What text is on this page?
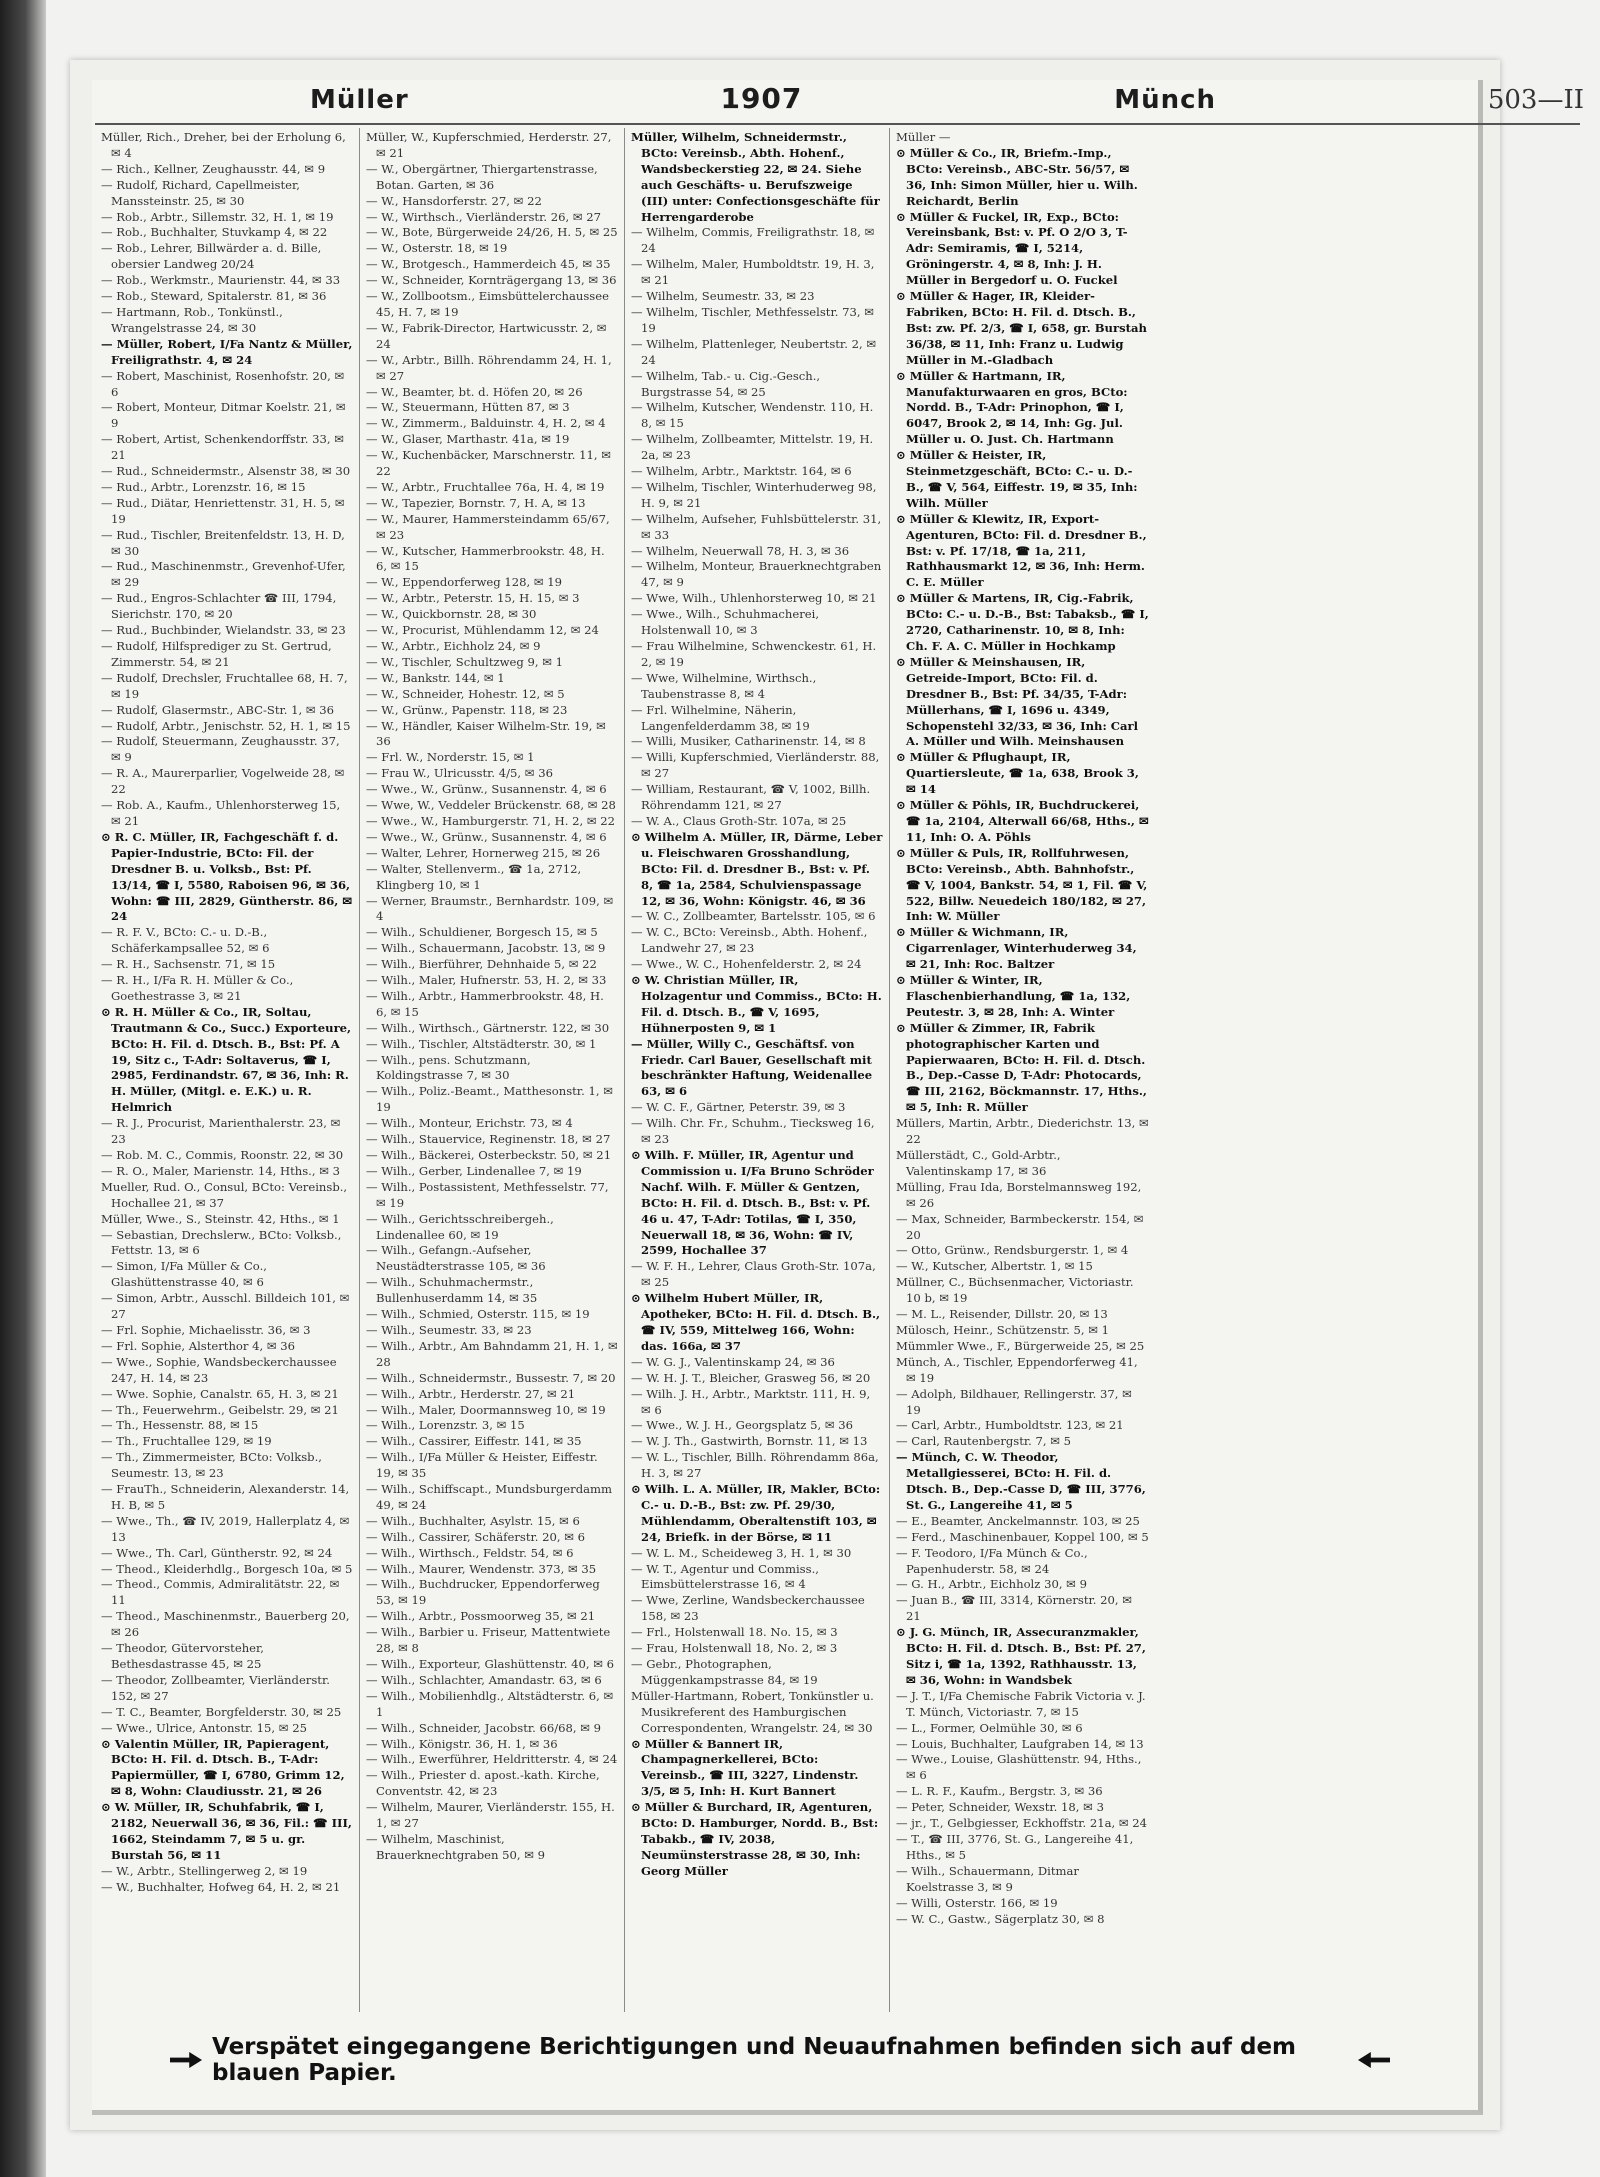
Müller	1907	Münch	503—II
Müller, Rich., Dreher, bei der Erholung 6, ✉ 4
— Rich., Kellner, Zeughausstr. 44, ✉ 9
— Rudolf, Richard, Capellmeister, Manssteinstr. 25, ✉ 30
— Rob., Arbtr., Sillemstr. 32, H. 1, ✉ 19
— Rob., Buchhalter, Stuvkamp 4, ✉ 22
— Rob., Lehrer, Billwärder a. d. Bille, obersier Landweg 20/24
— Rob., Werkmstr., Maurienstr. 44, ✉ 33
— Rob., Steward, Spitalerstr. 81, ✉ 36
— Hartmann, Rob., Tonkünstl., Wrangelstrasse 24, ✉ 30
— Müller, Robert, I/Fa Nantz & Müller, Freiligrathstr. 4, ✉ 24
— Robert, Maschinist, Rosenhofstr. 20, ✉ 6
— Robert, Monteur, Ditmar Koelstr. 21, ✉ 9
— Robert, Artist, Schenkendorffstr. 33, ✉ 21
— Rud., Schneidermstr., Alsenstr 38, ✉ 30
— Rud., Arbtr., Lorenzstr. 16, ✉ 15
— Rud., Diätar, Henriettenstr. 31, H. 5, ✉ 19
— Rud., Tischler, Breitenfeldstr. 13, H. D, ✉ 30
— Rud., Maschinenmstr., Grevenhof-Ufer, ✉ 29
— Rud., Engros-Schlachter ☎ III, 1794, Sierichstr. 170, ✉ 20
— Rud., Buchbinder, Wielandstr. 33, ✉ 23
— Rudolf, Hilfsprediger zu St. Gertrud, Zimmerstr. 54, ✉ 21
— Rudolf, Drechsler, Fruchtallee 68, H. 7, ✉ 19
— Rudolf, Glasermstr., ABC-Str. 1, ✉ 36
— Rudolf, Arbtr., Jenischstr. 52, H. 1, ✉ 15
— Rudolf, Steuermann, Zeughausstr. 37, ✉ 9
— R. A., Maurerparlier, Vogelweide 28, ✉ 22
— Rob. A., Kaufm., Uhlenhorsterweg 15, ✉ 21
⊙ R. C. Müller, IR, Fachgeschäft f. d. Papier-Industrie, BCto: Fil. der Dresdner B. u. Volksb., Bst: Pf. 13/14, ☎ I, 5580, Raboisen 96, ✉ 36, Wohn: ☎ III, 2829, Güntherstr. 86, ✉ 24
— R. F. V., BCto: C.- u. D.-B., Schäferkampsallee 52, ✉ 6
— R. H., Sachsenstr. 71, ✉ 15
— R. H., I/Fa R. H. Müller & Co., Goethestrasse 3, ✉ 21
⊙ R. H. Müller & Co., IR, Soltau, Trautmann & Co., Succ.) Exporteure, BCto: H. Fil. d. Dtsch. B., Bst: Pf. A 19, Sitz c., T-Adr: Soltaverus, ☎ I, 2985, Ferdinandstr. 67, ✉ 36, Inh: R. H. Müller, (Mitgl. e. E.K.) u. R. Helmrich
— R. J., Procurist, Marienthalerstr. 23, ✉ 23
— Rob. M. C., Commis, Roonstr. 22, ✉ 30
— R. O., Maler, Marienstr. 14, Hths., ✉ 3
Mueller, Rud. O., Consul, BCto: Vereinsb., Hochallee 21, ✉ 37
Müller, Wwe., S., Steinstr. 42, Hths., ✉ 1
— Sebastian, Drechslerw., BCto: Volksb., Fettstr. 13, ✉ 6
— Simon, I/Fa Müller & Co., Glashüttenstrasse 40, ✉ 6
— Simon, Arbtr., Ausschl. Billdeich 101, ✉ 27
— Frl. Sophie, Michaelisstr. 36, ✉ 3
— Frl. Sophie, Alsterthor 4, ✉ 36
— Wwe., Sophie, Wandsbeckerchaussee 247, H. 14, ✉ 23
— Wwe. Sophie, Canalstr. 65, H. 3, ✉ 21
— Th., Feuerwehrm., Geibelstr. 29, ✉ 21
— Th., Hessenstr. 88, ✉ 15
— Th., Fruchtallee 129, ✉ 19
— Th., Zimmermeister, BCto: Volksb., Seumestr. 13, ✉ 23
— FrauTh., Schneiderin, Alexanderstr. 14, H. B, ✉ 5
— Wwe., Th., ☎ IV, 2019, Hallerplatz 4, ✉ 13
— Wwe., Th. Carl, Güntherstr. 92, ✉ 24
— Theod., Kleiderhdlg., Borgesch 10a, ✉ 5
— Theod., Commis, Admiralitätstr. 22, ✉ 11
— Theod., Maschinenmstr., Bauerberg 20, ✉ 26
— Theodor, Gütervorsteher, Bethesdastrasse 45, ✉ 25
— Theodor, Zollbeamter, Vierländerstr. 152, ✉ 27
— T. C., Beamter, Borgfelderstr. 30, ✉ 25
— Wwe., Ulrice, Antonstr. 15, ✉ 25
⊙ Valentin Müller, IR, Papieragent, BCto: H. Fil. d. Dtsch. B., T-Adr: Papiermüller, ☎ I, 6780, Grimm 12, ✉ 8, Wohn: Claudiusstr. 21, ✉ 26
⊙ W. Müller, IR, Schuhfabrik, ☎ I, 2182, Neuerwall 36, ✉ 36, Fil.: ☎ III, 1662, Steindamm 7, ✉ 5 u. gr. Burstah 56, ✉ 11
— W., Arbtr., Stellingerweg 2, ✉ 19
— W., Buchhalter, Hofweg 64, H. 2, ✉ 21
Müller, W., Kupferschmied, Herderstr. 27, ✉ 21
— W., Obergärtner, Thiergartenstrasse, Botan. Garten, ✉ 36
— W., Hansdorferstr. 27, ✉ 22
— W., Wirthsch., Vierländerstr. 26, ✉ 27
— W., Bote, Bürgerweide 24/26, H. 5, ✉ 25
— W., Osterstr. 18, ✉ 19
— W., Brotgesch., Hammerdeich 45, ✉ 35
— W., Schneider, Kornträgergang 13, ✉ 36
— W., Zollbootsm., Eimsbüttelerchaussee 45, H. 7, ✉ 19
— W., Fabrik-Director, Hartwicusstr. 2, ✉ 24
— W., Arbtr., Billh. Röhrendamm 24, H. 1, ✉ 27
— W., Beamter, bt. d. Höfen 20, ✉ 26
— W., Steuermann, Hütten 87, ✉ 3
— W., Zimmerm., Balduinstr. 4, H. 2, ✉ 4
— W., Glaser, Marthastr. 41a, ✉ 19
— W., Kuchenbäcker, Marschnerstr. 11, ✉ 22
— W., Arbtr., Fruchtallee 76a, H. 4, ✉ 19
— W., Tapezier, Bornstr. 7, H. A, ✉ 13
— W., Maurer, Hammersteindamm 65/67, ✉ 23
— W., Kutscher, Hammerbrookstr. 48, H. 6, ✉ 15
— W., Eppendorferweg 128, ✉ 19
— W., Arbtr., Peterstr. 15, H. 15, ✉ 3
— W., Quickbornstr. 28, ✉ 30
— W., Procurist, Mühlendamm 12, ✉ 24
— W., Arbtr., Eichholz 24, ✉ 9
— W., Tischler, Schultzweg 9, ✉ 1
— W., Bankstr. 144, ✉ 1
— W., Schneider, Hohestr. 12, ✉ 5
— W., Grünw., Papenstr. 118, ✉ 23
— W., Händler, Kaiser Wilhelm-Str. 19, ✉ 36
— Frl. W., Norderstr. 15, ✉ 1
— Frau W., Ulricusstr. 4/5, ✉ 36
— Wwe., W., Grünw., Susannenstr. 4, ✉ 6
— Wwe, W., Veddeler Brückenstr. 68, ✉ 28
— Wwe., W., Hamburgerstr. 71, H. 2, ✉ 22
— Wwe., W., Grünw., Susannenstr. 4, ✉ 6
— Walter, Lehrer, Hornerweg 215, ✉ 26
— Walter, Stellenverm., ☎ 1a, 2712, Klingberg 10, ✉ 1
— Werner, Braumstr., Bernhardstr. 109, ✉ 4
— Wilh., Schuldiener, Borgesch 15, ✉ 5
— Wilh., Schauermann, Jacobstr. 13, ✉ 9
— Wilh., Bierführer, Dehnhaide 5, ✉ 22
— Wilh., Maler, Hufnerstr. 53, H. 2, ✉ 33
— Wilh., Arbtr., Hammerbrookstr. 48, H. 6, ✉ 15
— Wilh., Wirthsch., Gärtnerstr. 122, ✉ 30
— Wilh., Tischler, Altstädterstr. 30, ✉ 1
— Wilh., pens. Schutzmann, Koldingstrasse 7, ✉ 30
— Wilh., Poliz.-Beamt., Matthesonstr. 1, ✉ 19
— Wilh., Monteur, Erichstr. 73, ✉ 4
— Wilh., Stauervice, Reginenstr. 18, ✉ 27
— Wilh., Bäckerei, Osterbeckstr. 50, ✉ 21
— Wilh., Gerber, Lindenallee 7, ✉ 19
— Wilh., Postassistent, Methfesselstr. 77, ✉ 19
— Wilh., Gerichtsschreibergeh., Lindenallee 60, ✉ 19
— Wilh., Gefangn.-Aufseher, Neustädterstrasse 105, ✉ 36
— Wilh., Schuhmachermstr., Bullenhuserdamm 14, ✉ 35
— Wilh., Schmied, Osterstr. 115, ✉ 19
— Wilh., Seumestr. 33, ✉ 23
— Wilh., Arbtr., Am Bahndamm 21, H. 1, ✉ 28
— Wilh., Schneidermstr., Bussestr. 7, ✉ 20
— Wilh., Arbtr., Herderstr. 27, ✉ 21
— Wilh., Maler, Doormannsweg 10, ✉ 19
— Wilh., Lorenzstr. 3, ✉ 15
— Wilh., Cassirer, Eiffestr. 141, ✉ 35
— Wilh., I/Fa Müller & Heister, Eiffestr. 19, ✉ 35
— Wilh., Schiffscapt., Mundsburgerdamm 49, ✉ 24
— Wilh., Buchhalter, Asylstr. 15, ✉ 6
— Wilh., Cassirer, Schäferstr. 20, ✉ 6
— Wilh., Wirthsch., Feldstr. 54, ✉ 6
— Wilh., Maurer, Wendenstr. 373, ✉ 35
— Wilh., Buchdrucker, Eppendorferweg 53, ✉ 19
— Wilh., Arbtr., Possmoorweg 35, ✉ 21
— Wilh., Barbier u. Friseur, Mattentwiete 28, ✉ 8
— Wilh., Exporteur, Glashüttenstr. 40, ✉ 6
— Wilh., Schlachter, Amandastr. 63, ✉ 6
— Wilh., Mobilienhdlg., Altstädterstr. 6, ✉ 1
— Wilh., Schneider, Jacobstr. 66/68, ✉ 9
— Wilh., Königstr. 36, H. 1, ✉ 36
— Wilh., Ewerführer, Heldritterstr. 4, ✉ 24
— Wilh., Priester d. apost.-kath. Kirche, Conventstr. 42, ✉ 23
— Wilhelm, Maurer, Vierländerstr. 155, H. 1, ✉ 27
— Wilhelm, Maschinist, Brauerknechtgraben 50, ✉ 9
Müller, Wilhelm, Schneidermstr., BCto: Vereinsb., Abth. Hohenf., Wandsbeckerstieg 22, ✉ 24. Siehe auch Geschäfts- u. Berufszweige (III) unter: Confectionsgeschäfte für Herrengarderobe
— Wilhelm, Commis, Freiligrathstr. 18, ✉ 24
— Wilhelm, Maler, Humboldtstr. 19, H. 3, ✉ 21
— Wilhelm, Seumestr. 33, ✉ 23
— Wilhelm, Tischler, Methfesselstr. 73, ✉ 19
— Wilhelm, Plattenleger, Neubertstr. 2, ✉ 24
— Wilhelm, Tab.- u. Cig.-Gesch., Burgstrasse 54, ✉ 25
— Wilhelm, Kutscher, Wendenstr. 110, H. 8, ✉ 15
— Wilhelm, Zollbeamter, Mittelstr. 19, H. 2a, ✉ 23
— Wilhelm, Arbtr., Marktstr. 164, ✉ 6
— Wilhelm, Tischler, Winterhuderweg 98, H. 9, ✉ 21
— Wilhelm, Aufseher, Fuhlsbüttelerstr. 31, ✉ 33
— Wilhelm, Neuerwall 78, H. 3, ✉ 36
— Wilhelm, Monteur, Brauerknechtgraben 47, ✉ 9
— Wwe, Wilh., Uhlenhorsterweg 10, ✉ 21
— Wwe., Wilh., Schuhmacherei, Holstenwall 10, ✉ 3
— Frau Wilhelmine, Schwenckestr. 61, H. 2, ✉ 19
— Wwe, Wilhelmine, Wirthsch., Taubenstrasse 8, ✉ 4
— Frl. Wilhelmine, Näherin, Langenfelderdamm 38, ✉ 19
— Willi, Musiker, Catharinenstr. 14, ✉ 8
— Willi, Kupferschmied, Vierländerstr. 88, ✉ 27
— William, Restaurant, ☎ V, 1002, Billh. Röhrendamm 121, ✉ 27
— W. A., Claus Groth-Str. 107a, ✉ 25
⊙ Wilhelm A. Müller, IR, Därme, Leber u. Fleischwaren Grosshandlung, BCto: Fil. d. Dresdner B., Bst: v. Pf. 8, ☎ 1a, 2584, Schulvienspassage 12, ✉ 36, Wohn: Königstr. 46, ✉ 36
— W. C., Zollbeamter, Bartelsstr. 105, ✉ 6
— W. C., BCto: Vereinsb., Abth. Hohenf., Landwehr 27, ✉ 23
— Wwe., W. C., Hohenfelderstr. 2, ✉ 24
⊙ W. Christian Müller, IR, Holzagentur und Commiss., BCto: H. Fil. d. Dtsch. B., ☎ V, 1695, Hühnerposten 9, ✉ 1
— Müller, Willy C., Geschäftsf. von Friedr. Carl Bauer, Gesellschaft mit beschränkter Haftung, Weidenallee 63, ✉ 6
— W. C. F., Gärtner, Peterstr. 39, ✉ 3
— Wilh. Chr. Fr., Schuhm., Tiecksweg 16, ✉ 23
⊙ Wilh. F. Müller, IR, Agentur und Commission u. I/Fa Bruno Schröder Nachf. Wilh. F. Müller & Gentzen, BCto: H. Fil. d. Dtsch. B., Bst: v. Pf. 46 u. 47, T-Adr: Totilas, ☎ I, 350, Neuerwall 18, ✉ 36, Wohn: ☎ IV, 2599, Hochallee 37
— W. F. H., Lehrer, Claus Groth-Str. 107a, ✉ 25
⊙ Wilhelm Hubert Müller, IR, Apotheker, BCto: H. Fil. d. Dtsch. B., ☎ IV, 559, Mittelweg 166, Wohn: das. 166a, ✉ 37
— W. G. J., Valentinskamp 24, ✉ 36
— W. H. J. T., Bleicher, Grasweg 56, ✉ 20
— Wilh. J. H., Arbtr., Marktstr. 111, H. 9, ✉ 6
— Wwe., W. J. H., Georgsplatz 5, ✉ 36
— W. J. Th., Gastwirth, Bornstr. 11, ✉ 13
— W. L., Tischler, Billh. Röhrendamm 86a, H. 3, ✉ 27
⊙ Wilh. L. A. Müller, IR, Makler, BCto: C.- u. D.-B., Bst: zw. Pf. 29/30, Mühlendamm, Oberaltenstift 103, ✉ 24, Briefk. in der Börse, ✉ 11
— W. L. M., Scheideweg 3, H. 1, ✉ 30
— W. T., Agentur und Commiss., Eimsbüttelerstrasse 16, ✉ 4
— Wwe, Zerline, Wandsbeckerchaussee 158, ✉ 23
— Frl., Holstenwall 18. No. 15, ✉ 3
— Frau, Holstenwall 18, No. 2, ✉ 3
— Gebr., Photographen, Müggenkampstrasse 84, ✉ 19
Müller-Hartmann, Robert, Tonkünstler u. Musikreferent des Hamburgischen Correspondenten, Wrangelstr. 24, ✉ 30
⊙ Müller & Bannert IR, Champagnerkellerei, BCto: Vereinsb., ☎ III, 3227, Lindenstr. 3/5, ✉ 5, Inh: H. Kurt Bannert
⊙ Müller & Burchard, IR, Agenturen, BCto: D. Hamburger, Nordd. B., Bst: Tabakb., ☎ IV, 2038, Neumünsterstrasse 28, ✉ 30, Inh: Georg Müller
Müller —
⊙ Müller & Co., IR, Briefm.-Imp., BCto: Vereinsb., ABC-Str. 56/57, ✉ 36, Inh: Simon Müller, hier u. Wilh. Reichardt, Berlin
⊙ Müller & Fuckel, IR, Exp., BCto: Vereinsbank, Bst: v. Pf. O 2/O 3, T-Adr: Semiramis, ☎ I, 5214, Gröningerstr. 4, ✉ 8, Inh: J. H. Müller in Bergedorf u. O. Fuckel
⊙ Müller & Hager, IR, Kleider-Fabriken, BCto: H. Fil. d. Dtsch. B., Bst: zw. Pf. 2/3, ☎ I, 658, gr. Burstah 36/38, ✉ 11, Inh: Franz u. Ludwig Müller in M.-Gladbach
⊙ Müller & Hartmann, IR, Manufakturwaaren en gros, BCto: Nordd. B., T-Adr: Prinophon, ☎ I, 6047, Brook 2, ✉ 14, Inh: Gg. Jul. Müller u. O. Just. Ch. Hartmann
⊙ Müller & Heister, IR, Steinmetzgeschäft, BCto: C.- u. D.-B., ☎ V, 564, Eiffestr. 19, ✉ 35, Inh: Wilh. Müller
⊙ Müller & Klewitz, IR, Export-Agenturen, BCto: Fil. d. Dresdner B., Bst: v. Pf. 17/18, ☎ 1a, 211, Rathhausmarkt 12, ✉ 36, Inh: Herm. C. E. Müller
⊙ Müller & Martens, IR, Cig.-Fabrik, BCto: C.- u. D.-B., Bst: Tabaksb., ☎ I, 2720, Catharinenstr. 10, ✉ 8, Inh: Ch. F. A. C. Müller in Hochkamp
⊙ Müller & Meinshausen, IR, Getreide-Import, BCto: Fil. d. Dresdner B., Bst: Pf. 34/35, T-Adr: Müllerhans, ☎ I, 1696 u. 4349, Schopenstehl 32/33, ✉ 36, Inh: Carl A. Müller und Wilh. Meinshausen
⊙ Müller & Pflughaupt, IR, Quartiersleute, ☎ 1a, 638, Brook 3, ✉ 14
⊙ Müller & Pöhls, IR, Buchdruckerei, ☎ 1a, 2104, Alterwall 66/68, Hths., ✉ 11, Inh: O. A. Pöhls
⊙ Müller & Puls, IR, Rollfuhrwesen, BCto: Vereinsb., Abth. Bahnhofstr., ☎ V, 1004, Bankstr. 54, ✉ 1, Fil. ☎ V, 522, Billw. Neuedeich 180/182, ✉ 27, Inh: W. Müller
⊙ Müller & Wichmann, IR, Cigarrenlager, Winterhuderweg 34, ✉ 21, Inh: Roc. Baltzer
⊙ Müller & Winter, IR, Flaschenbierhandlung, ☎ 1a, 132, Peutestr. 3, ✉ 28, Inh: A. Winter
⊙ Müller & Zimmer, IR, Fabrik photographischer Karten und Papierwaaren, BCto: H. Fil. d. Dtsch. B., Dep.-Casse D, T-Adr: Photocards, ☎ III, 2162, Böckmannstr. 17, Hths., ✉ 5, Inh: R. Müller
Müllers, Martin, Arbtr., Diederichstr. 13, ✉ 22
Müllerstädt, C., Gold-Arbtr., Valentinskamp 17, ✉ 36
Mülling, Frau Ida, Borstelmannsweg 192, ✉ 26
— Max, Schneider, Barmbeckerstr. 154, ✉ 20
— Otto, Grünw., Rendsburgerstr. 1, ✉ 4
— W., Kutscher, Albertstr. 1, ✉ 15
Müllner, C., Büchsenmacher, Victoriastr. 10 b, ✉ 19
— M. L., Reisender, Dillstr. 20, ✉ 13
Mülosch, Heinr., Schützenstr. 5, ✉ 1
Mümmler Wwe., F., Bürgerweide 25, ✉ 25
Münch, A., Tischler, Eppendorferweg 41, ✉ 19
— Adolph, Bildhauer, Rellingerstr. 37, ✉ 19
— Carl, Arbtr., Humboldtstr. 123, ✉ 21
— Carl, Rautenbergstr. 7, ✉ 5
— Münch, C. W. Theodor, Metallgiesserei, BCto: H. Fil. d. Dtsch. B., Dep.-Casse D, ☎ III, 3776, St. G., Langereihe 41, ✉ 5
— E., Beamter, Anckelmannstr. 103, ✉ 25
— Ferd., Maschinenbauer, Koppel 100, ✉ 5
— F. Teodoro, I/Fa Münch & Co., Papenhuderstr. 58, ✉ 24
— G. H., Arbtr., Eichholz 30, ✉ 9
— Juan B., ☎ III, 3314, Körnerstr. 20, ✉ 21
⊙ J. G. Münch, IR, Assecuranzmakler, BCto: H. Fil. d. Dtsch. B., Bst: Pf. 27, Sitz i, ☎ 1a, 1392, Rathhausstr. 13, ✉ 36, Wohn: in Wandsbek
— J. T., I/Fa Chemische Fabrik Victoria v. J. T. Münch, Victoriastr. 7, ✉ 15
— L., Former, Oelmühle 30, ✉ 6
— Louis, Buchhalter, Laufgraben 14, ✉ 13
— Wwe., Louise, Glashüttenstr. 94, Hths., ✉ 6
— L. R. F., Kaufm., Bergstr. 3, ✉ 36
— Peter, Schneider, Wexstr. 18, ✉ 3
— jr., T., Gelbgiesser, Eckhoffstr. 21a, ✉ 24
— T., ☎ III, 3776, St. G., Langereihe 41, Hths., ✉ 5
— Wilh., Schauermann, Ditmar Koelstrasse 3, ✉ 9
— Willi, Osterstr. 166, ✉ 19
— W. C., Gastw., Sägerplatz 30, ✉ 8
Verspätet eingegangene Berichtigungen und Neuaufnahmen befinden sich auf dem blauen Papier.
